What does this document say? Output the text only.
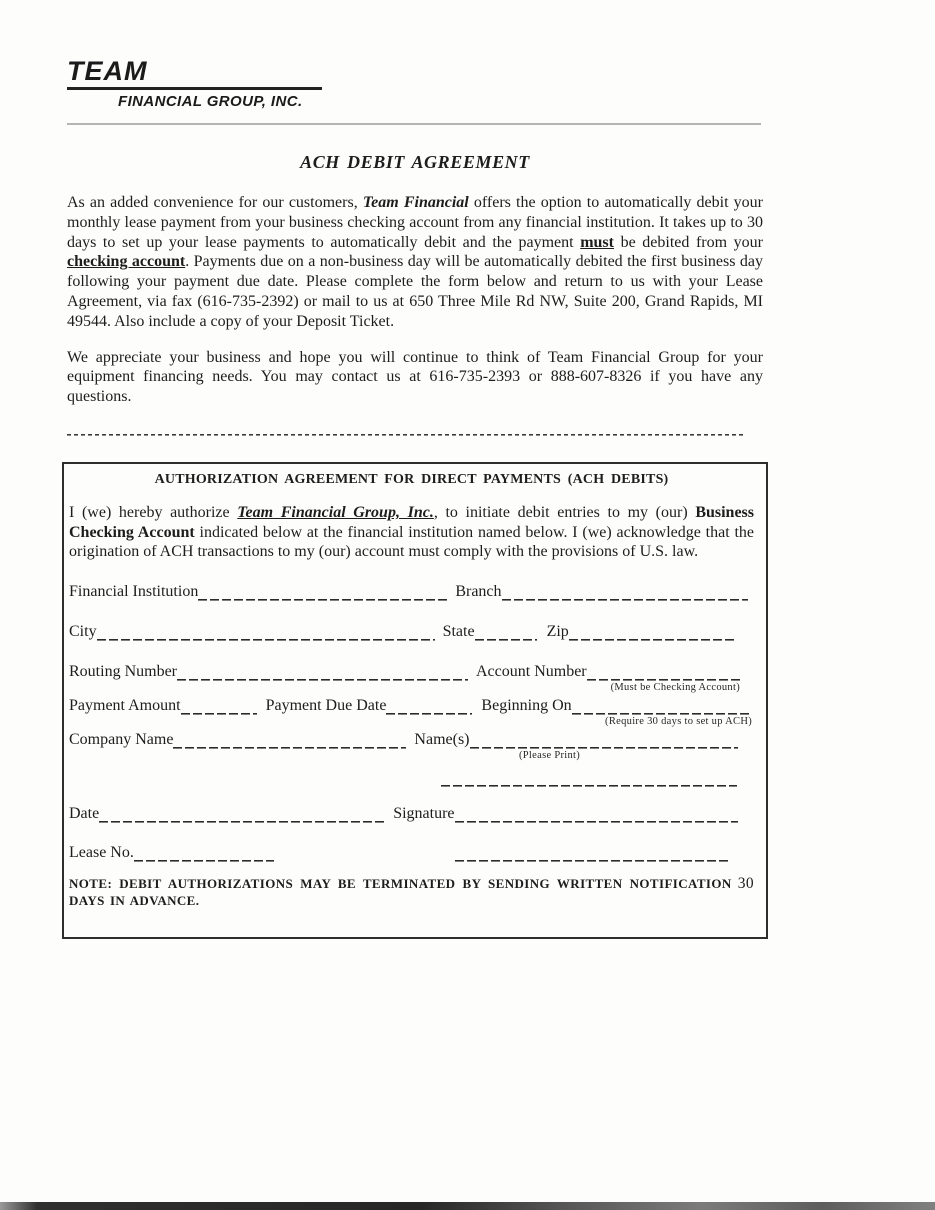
TEAM
FINANCIAL GROUP, INC.
ACH DEBIT AGREEMENT

As an added convenience for our customers, Team Financial offers the option to automatically debit your monthly lease payment from your business checking account from any financial institution. It takes up to 30 days to set up your lease payments to automatically debit and the payment must be debited from your checking account. Payments due on a non-business day will be automatically debited the first business day following your payment due date. Please complete the form below and return to us with your Lease Agreement, via fax (616-735-2392) or mail to us at 650 Three Mile Rd NW, Suite 200, Grand Rapids, MI 49544. Also include a copy of your Deposit Ticket.

We appreciate your business and hope you will continue to think of Team Financial Group for your equipment financing needs. You may contact us at 616-735-2393 or 888-607-8326 if you have any questions.

AUTHORIZATION AGREEMENT FOR DIRECT PAYMENTS (ACH DEBITS)

I (we) hereby authorize Team Financial Group, Inc., to initiate debit entries to my (our) Business Checking Account indicated below at the financial institution named below. I (we) acknowledge that the origination of ACH transactions to my (our) account must comply with the provisions of U.S. law.

Financial Institution	Branch
City	State	Zip
Routing Number	Account Number
(Must be Checking Account)
Payment Amount	Payment Due Date	Beginning On
(Require 30 days to set up ACH)
Company Name	Name(s)
(Please Print)
Date	Signature
Lease No.
NOTE: DEBIT AUTHORIZATIONS MAY BE TERMINATED BY SENDING WRITTEN NOTIFICATION 30
DAYS IN ADVANCE.
